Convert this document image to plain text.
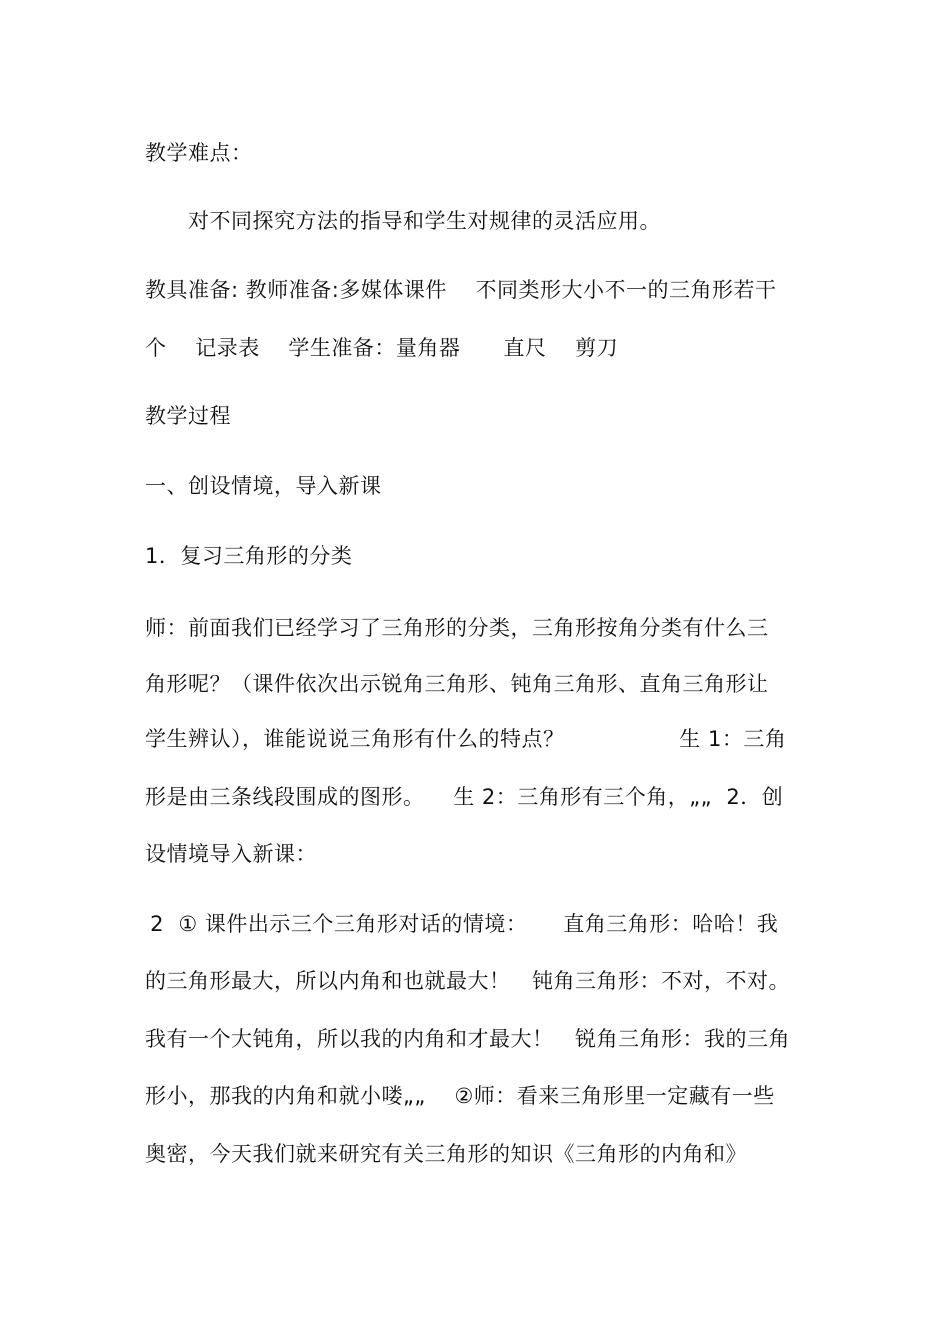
教学难点：
对不同探究方法的指导和学生对规律的灵活应用。
教具准备: 教师准备:多媒体课件    不同类形大小不一的三角形若干
个    记录表    学生准备：量角器      直尺    剪刀
教学过程
一、创设情境，导入新课
1．复习三角形的分类
师：前面我们已经学习了三角形的分类，三角形按角分类有什么三
角形呢？（课件依次出示锐角三角形、钝角三角形、直角三角形让
学生辨认），谁能说说三角形有什么的特点？                生 1：三角
形是由三条线段围成的图形。    生 2：三角形有三个角，„„  2．创
设情境导入新课：
2  ① 课件出示三个三角形对话的情境：     直角三角形：哈哈！我
的三角形最大，所以内角和也就最大！   钝角三角形：不对，不对。
我有一个大钝角，所以我的内角和才最大！   锐角三角形：我的三角
形小，那我的内角和就小喽„„    ②师：看来三角形里一定藏有一些
奥密，今天我们就来研究有关三角形的知识《三角形的内角和》
